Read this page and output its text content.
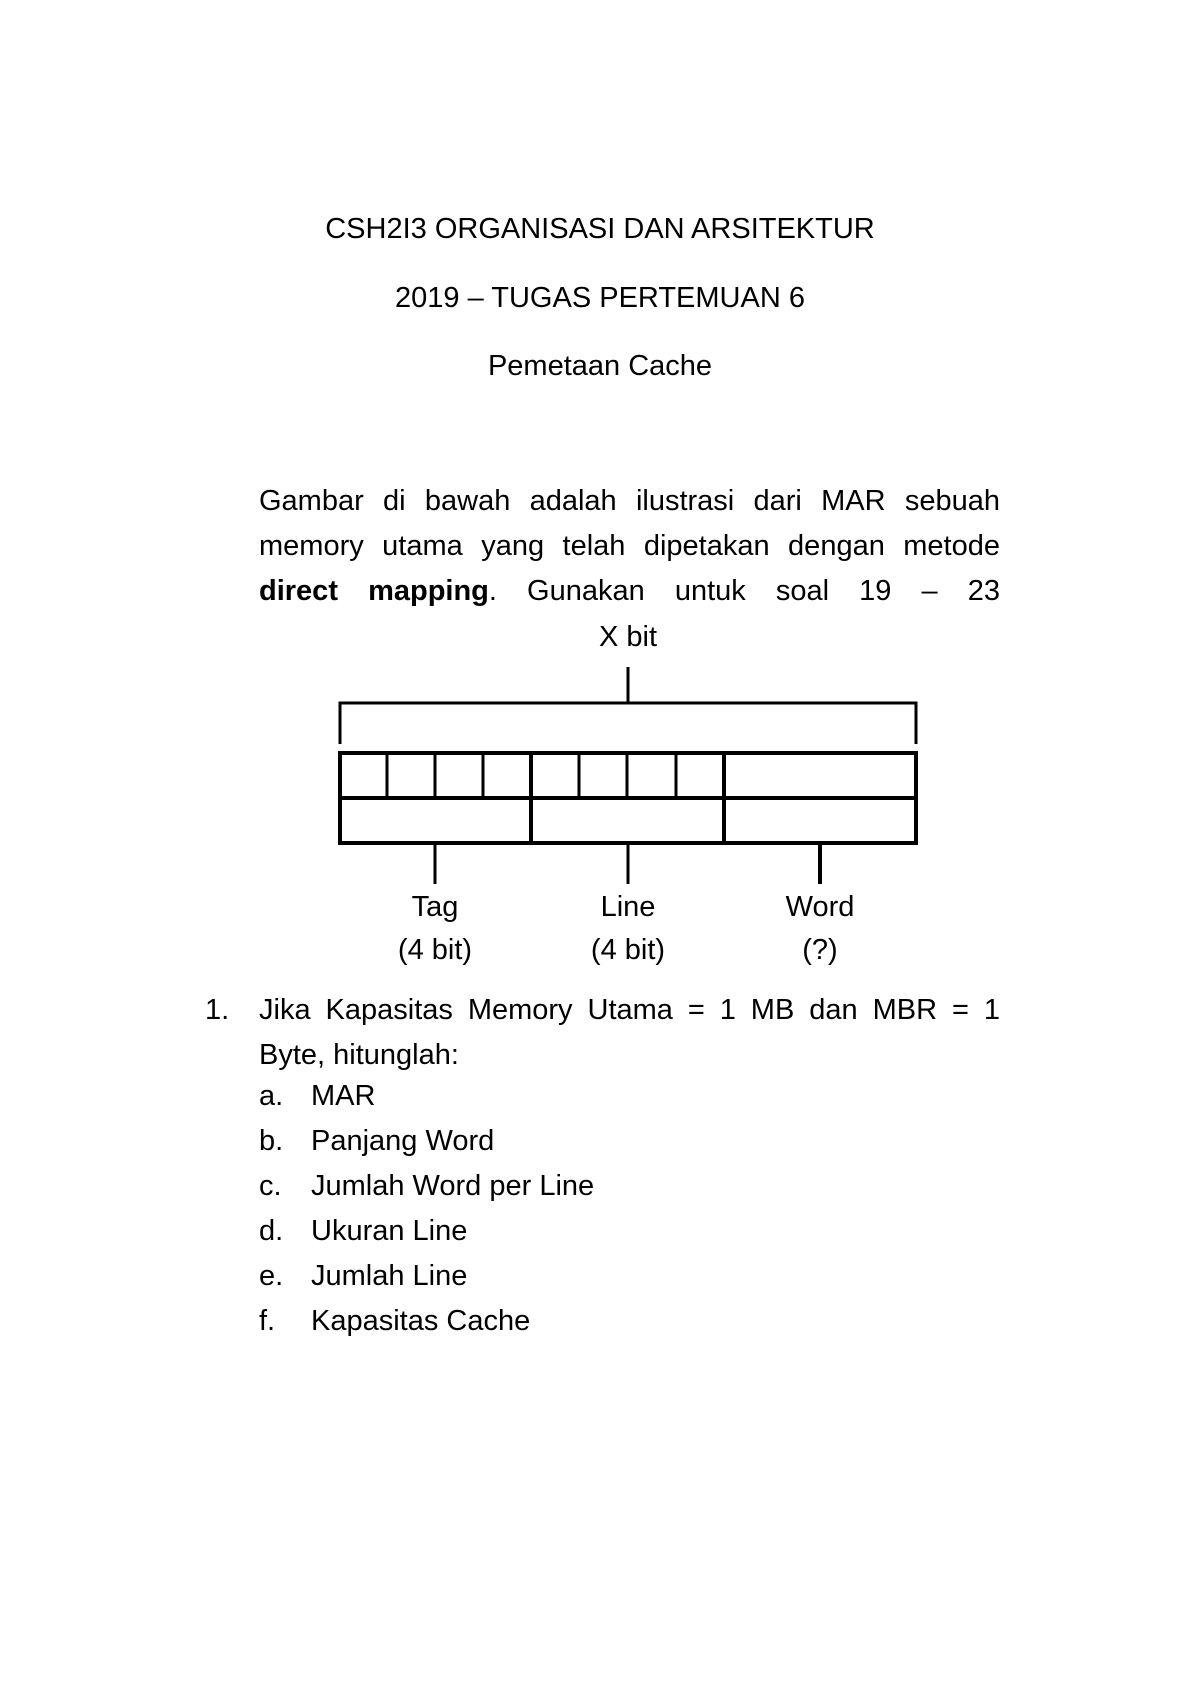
CSH2I3 ORGANISASI DAN ARSITEKTUR
2019 – TUGAS PERTEMUAN 6
Pemetaan Cache
Gambar di bawah adalah ilustrasi dari MAR sebuah memory utama yang telah dipetakan dengan metode direct mapping. Gunakan untuk soal 19 – 23
X bit
Tag
(4 bit)
Line
(4 bit)
Word
(?)
1. Jika Kapasitas Memory Utama = 1 MB dan MBR = 1
Byte, hitunglah:
a. MAR
b. Panjang Word
c. Jumlah Word per Line
d. Ukuran Line
e. Jumlah Line
f. Kapasitas Cache
